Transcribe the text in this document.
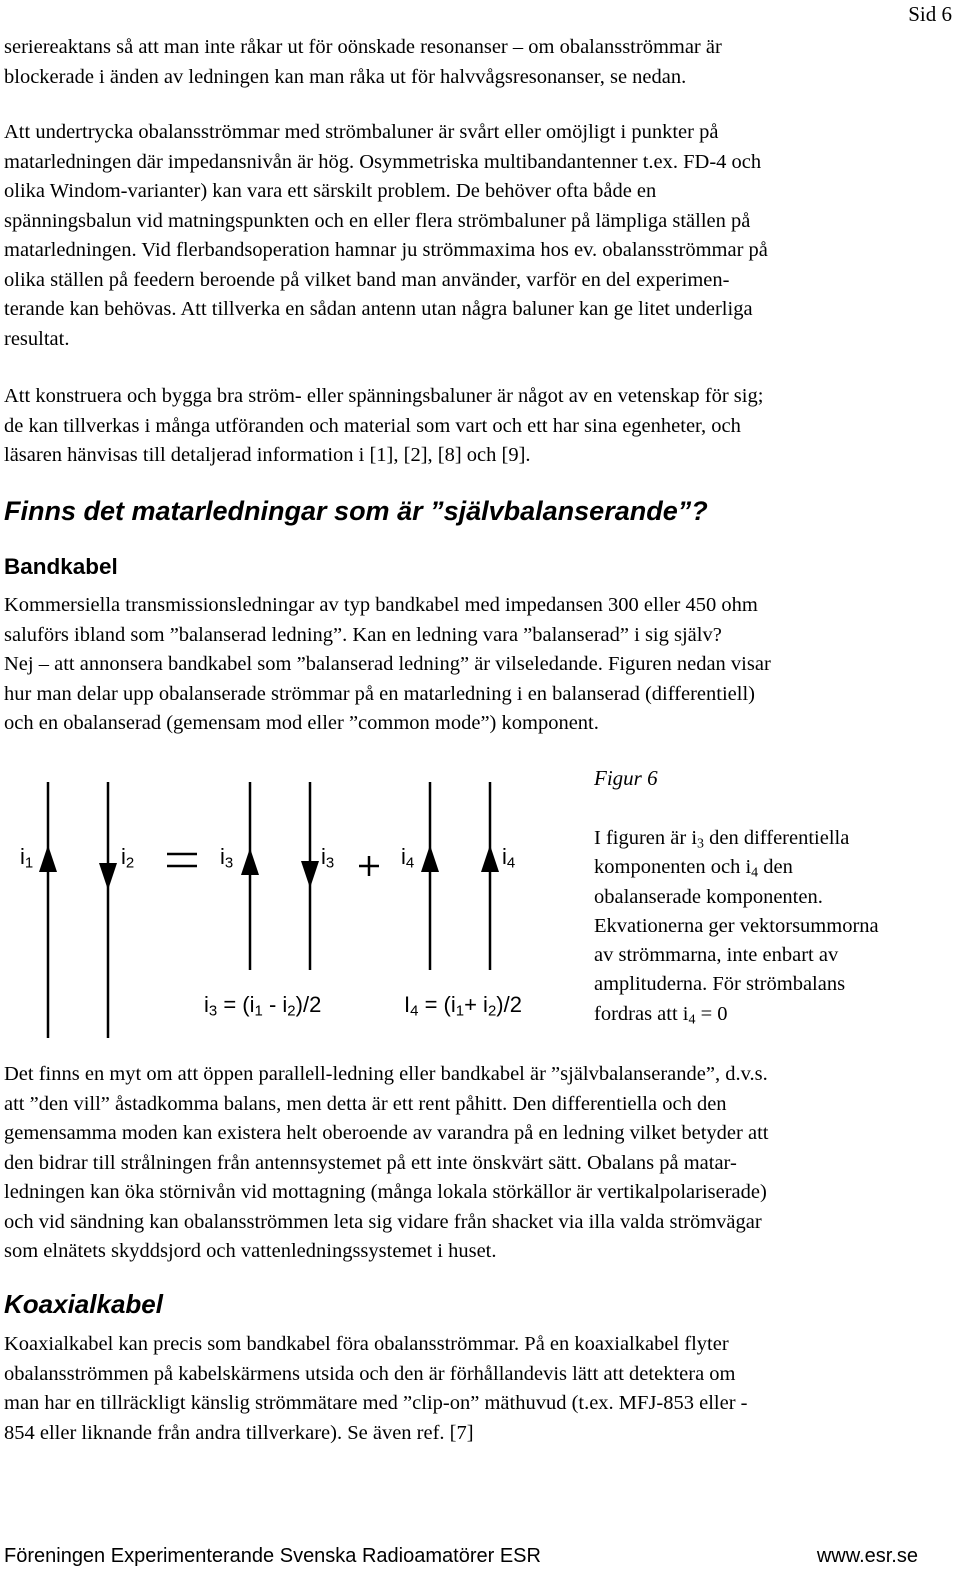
Sid 6
seriereaktans så att man inte råkar ut för oönskade resonanser – om obalansströmmar är
blockerade i änden av ledningen kan man råka ut för halvvågsresonanser, se nedan.
Att undertrycka obalansströmmar med strömbaluner är svårt eller omöjligt i punkter på
matarledningen där impedansnivån är hög. Osymmetriska multibandantenner t.ex. FD-4 och
olika Windom-varianter) kan vara ett särskilt problem. De behöver ofta både en
spänningsbalun vid matningspunkten och en eller flera strömbaluner på lämpliga ställen på
matarledningen. Vid flerbandsoperation hamnar ju strömmaxima hos ev. obalansströmmar på
olika ställen på feedern beroende på vilket band man använder, varför en del experimen-
terande kan behövas. Att tillverka en sådan antenn utan några baluner kan ge litet underliga
resultat.
Att konstruera och bygga bra ström- eller spänningsbaluner är något av en vetenskap för sig;
de kan tillverkas i många utföranden och material som vart och ett har sina egenheter, och
läsaren hänvisas till detaljerad information i [1], [2], [8] och [9].
Finns det matarledningar som är ”självbalanserande”?
Bandkabel
Kommersiella transmissionsledningar av typ bandkabel med impedansen 300 eller 450 ohm
saluförs ibland som ”balanserad ledning”. Kan en ledning vara ”balanserad” i sig själv?
Nej – att annonsera bandkabel som ”balanserad ledning” är vilseledande. Figuren nedan visar
hur man delar upp obalanserade strömmar på en matarledning i en balanserad (differentiell)
och en obalanserad (gemensam mod eller ”common mode”) komponent.
$i_1$	$i_2$	$i_3$	$i_3$	$i_4$	$i_4$
$i_3 = (i_1 - i_2)/2$	$I_4 = (i_1+ i_2)/2$
Figur 6
I figuren är $i_3$ den differentiella
komponenten och $i_4$ den
obalanserade komponenten.
Ekvationerna ger vektorsummorna
av strömmarna, inte enbart av
amplituderna. För strömbalans
fordras att $i_4 = 0$
Det finns en myt om att öppen parallell-ledning eller bandkabel är ”självbalanserande”, d.v.s.
att ”den vill” åstadkomma balans, men detta är ett rent påhitt. Den differentiella och den
gemensamma moden kan existera helt oberoende av varandra på en ledning vilket betyder att
den bidrar till strålningen från antennsystemet på ett inte önskvärt sätt. Obalans på matar-
ledningen kan öka störnivån vid mottagning (många lokala störkällor är vertikalpolariserade)
och vid sändning kan obalansströmmen leta sig vidare från shacket via illa valda strömvägar
som elnätets skyddsjord och vattenledningssystemet i huset.
Koaxialkabel
Koaxialkabel kan precis som bandkabel föra obalansströmmar. På en koaxialkabel flyter
obalansströmmen på kabelskärmens utsida och den är förhållandevis lätt att detektera om
man har en tillräckligt känslig strömmätare med ”clip-on” mäthuvud (t.ex. MFJ-853 eller -
854 eller liknande från andra tillverkare). Se även ref. [7]
Föreningen Experimenterande Svenska Radioamatörer ESR	www.esr.se
